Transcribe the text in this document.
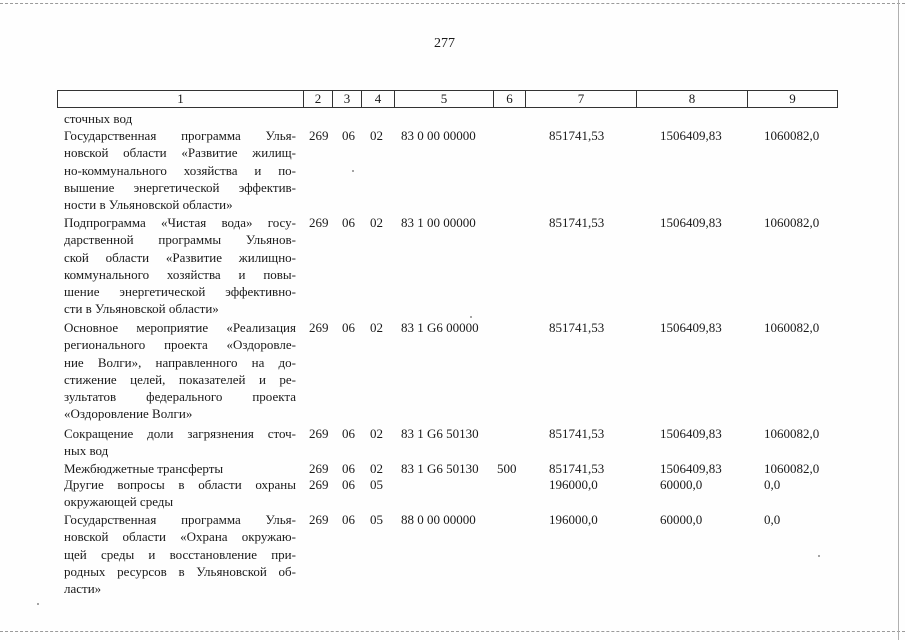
277
1	2	3	4	5	6	7	8	9
сточных вод
Государственная программа Улья-
новской области «Развитие жилищ-
но-коммунального хозяйства и по-
вышение энергетической эффектив-
ности в Ульяновской области»
269 06 02 83 0 00 00000	851741,53	1506409,83	1060082,0
Подпрограмма «Чистая вода» госу-
дарственной программы Ульянов-
ской области «Развитие жилищно-
коммунального хозяйства и повы-
шение энергетической эффективно-
сти в Ульяновской области»
269 06 02 83 1 00 00000	851741,53	1506409,83	1060082,0
Основное мероприятие «Реализация
регионального проекта «Оздоровле-
ние Волги», направленного на до-
стижение целей, показателей и ре-
зультатов федерального проекта
«Оздоровление Волги»
269 06 02 83 1 G6 00000	851741,53	1506409,83	1060082,0
Сокращение доли загрязнения сточ-
ных вод
269 06 02 83 1 G6 50130	851741,53	1506409,83	1060082,0
Межбюджетные трансферты	269 06 02 83 1 G6 50130 500	851741,53	1506409,83	1060082,0
Другие вопросы в области охраны
окружающей среды
269 06 05	196000,0	60000,0	0,0
Государственная программа Улья-
новской области «Охрана окружаю-
щей среды и восстановление при-
родных ресурсов в Ульяновской об-
ласти»
269 06 05 88 0 00 00000	196000,0	60000,0	0,0
